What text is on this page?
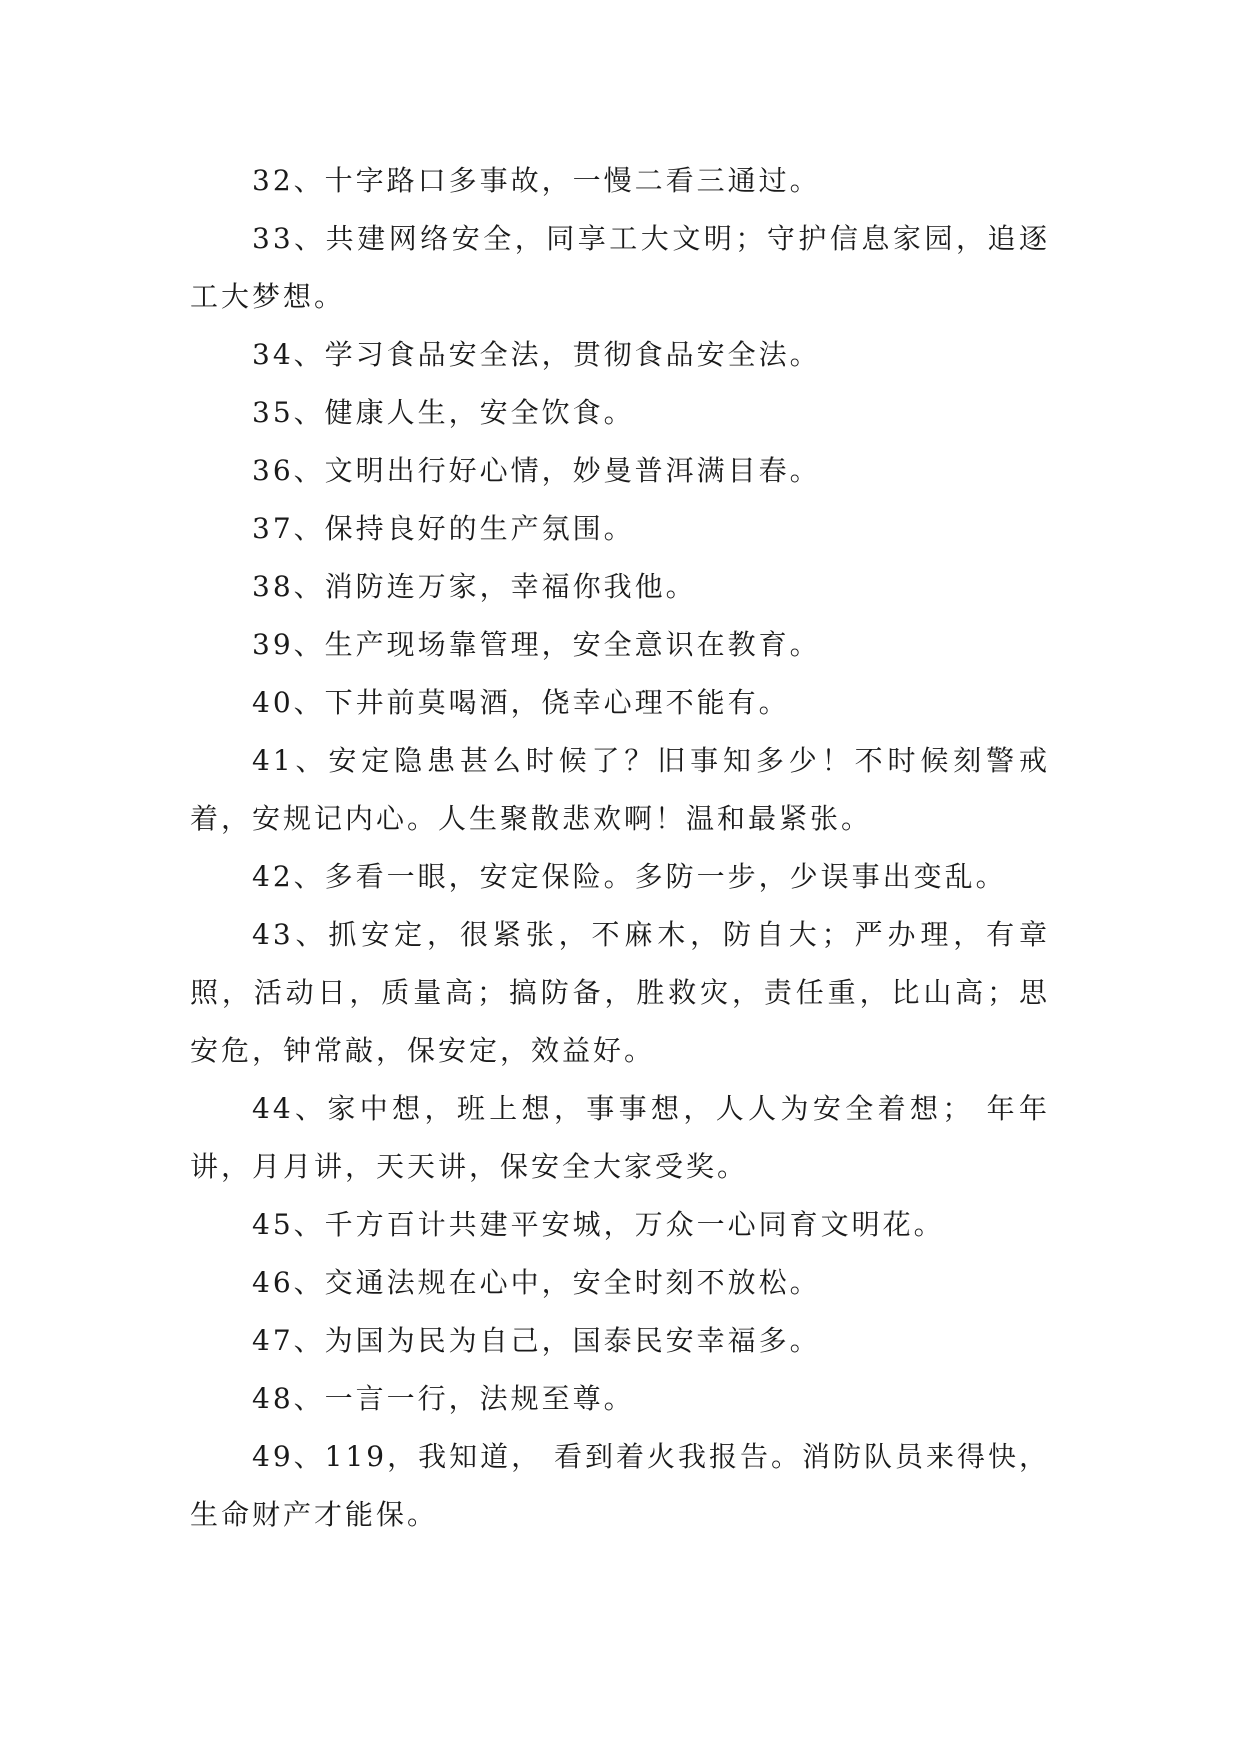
32、十字路口多事故，一慢二看三通过。

33、共建网络安全，同享工大文明；守护信息家园，追逐工大梦想。

34、学习食品安全法，贯彻食品安全法。

35、健康人生，安全饮食。

36、文明出行好心情，妙曼普洱满目春。

37、保持良好的生产氛围。

38、消防连万家，幸福你我他。

39、生产现场靠管理，安全意识在教育。

40、下井前莫喝酒，侥幸心理不能有。

41、安定隐患甚么时候了？旧事知多少！不时候刻警戒着，安规记内心。人生聚散悲欢啊！温和最紧张。

42、多看一眼，安定保险。多防一步，少误事出变乱。

43、抓安定，很紧张，不麻木，防自大；严办理，有章照，活动日，质量高；搞防备，胜救灾，责任重，比山高；思安危，钟常敲，保安定，效益好。

44、家中想，班上想，事事想，人人为安全着想； 年年讲，月月讲，天天讲，保安全大家受奖。

45、千方百计共建平安城，万众一心同育文明花。

46、交通法规在心中，安全时刻不放松。

47、为国为民为自己，国泰民安幸福多。

48、一言一行，法规至尊。

49、119，我知道， 看到着火我报告。消防队员来得快，生命财产才能保。
